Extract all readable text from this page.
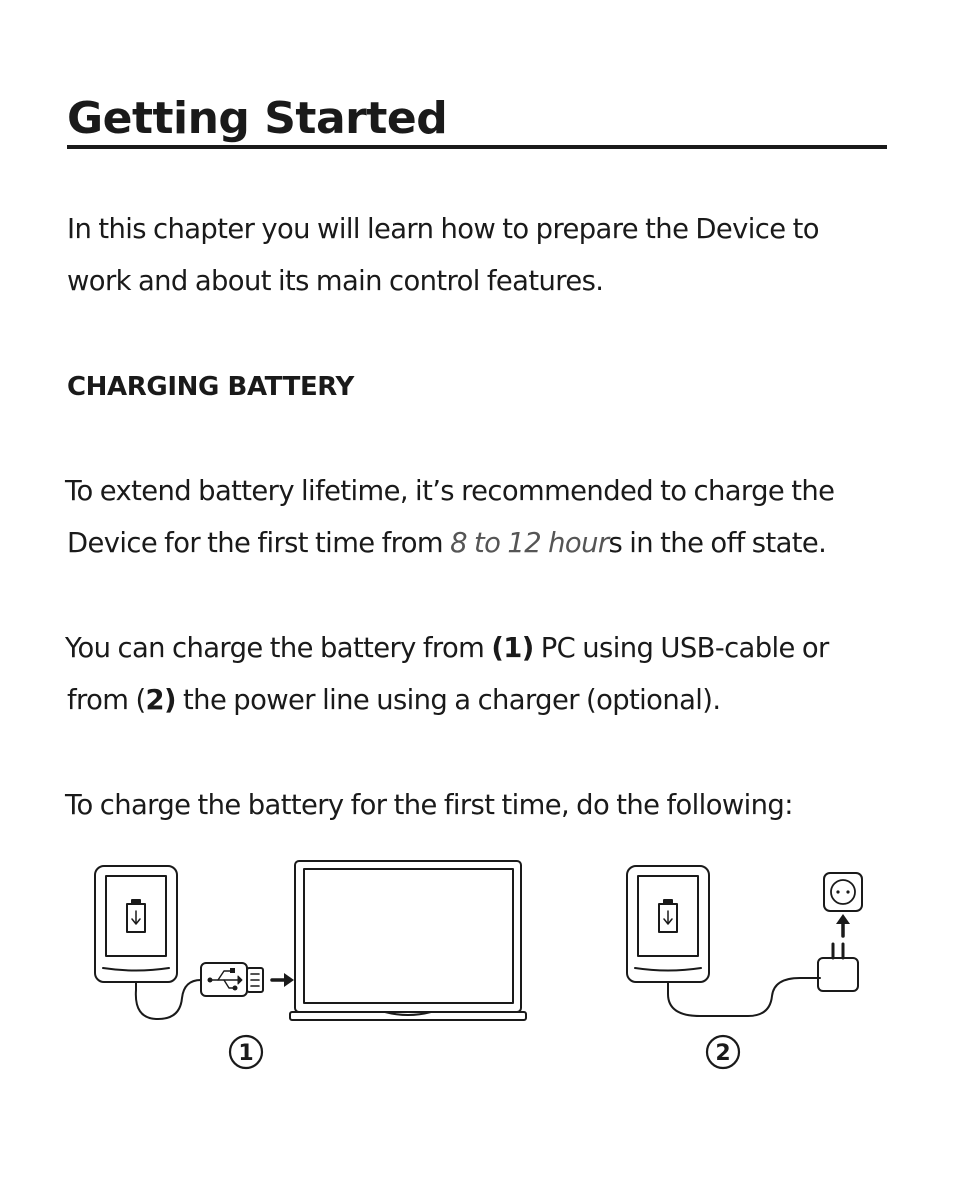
Getting Started

In this chapter you will learn how to prepare the Device to

work and about its main control features.

CHARGING BATTERY

To extend battery lifetime, it’s recommended to charge the

Device for the first time from 8 to 12 hours in the off state.

You can charge the battery from (1) PC using USB-cable or

from (2) the power line using a charger (optional).

To charge the battery for the first time, do the following:

1	2
